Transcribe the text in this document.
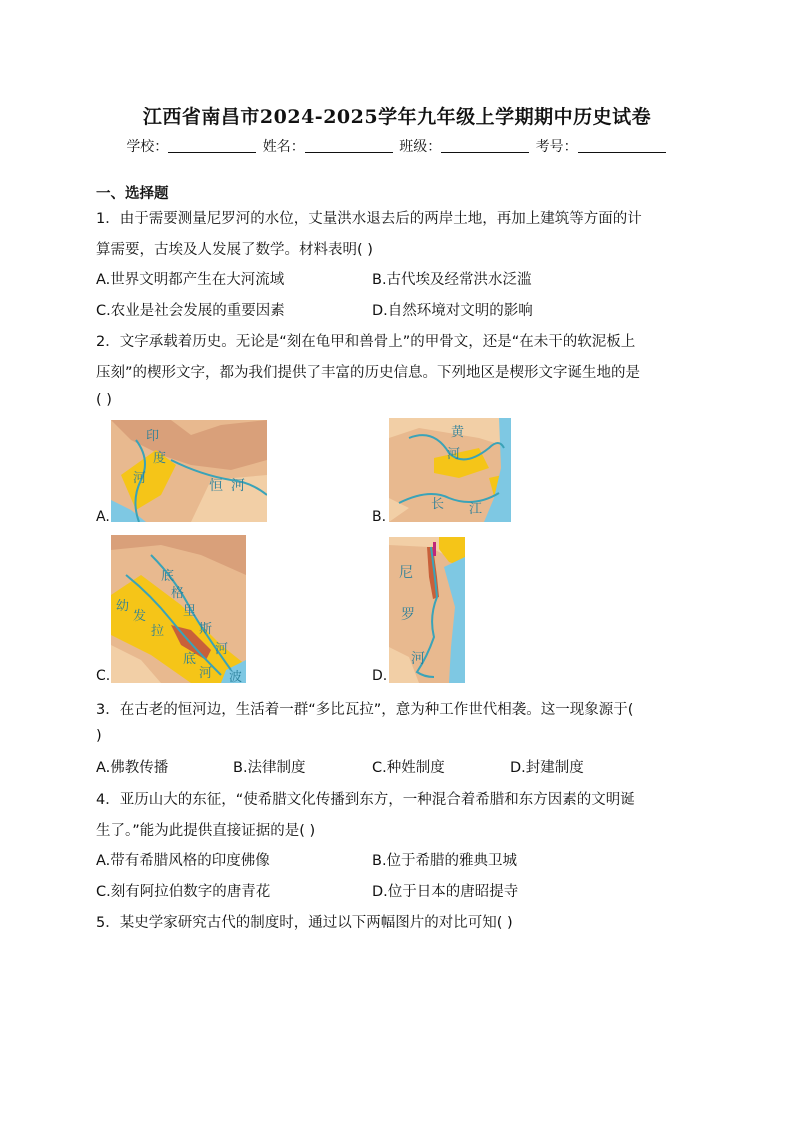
江西省南昌市2024-2025学年九年级上学期期中历史试卷
学校：	姓名：	班级：	考号：
一、选择题
1．由于需要测量尼罗河的水位，丈量洪水退去后的两岸土地，再加上建筑等方面的计
算需要，古埃及人发展了数学。材料表明( )
A.世界文明都产生在大河流域	B.古代埃及经常洪水泛滥
C.农业是社会发展的重要因素	D.自然环境对文明的影响
2．文字承载着历史。无论是“刻在龟甲和兽骨上”的甲骨文，还是“在未干的软泥板上
压刻”的楔形文字，都为我们提供了丰富的历史信息。下列地区是楔形文字诞生地的是
( )
A.
印
度
河	恒 河
B.
黄
河
长 江
C.
底
格
里
斯
河
幼
发
拉
底
河 波	D.
尼
罗
河
3．在古老的恒河边，生活着一群“多比瓦拉”，意为种工作世代相袭。这一现象源于(
)
A.佛教传播	B.法律制度	C.种姓制度	D.封建制度
4．亚历山大的东征，“使希腊文化传播到东方，一种混合着希腊和东方因素的文明诞
生了。”能为此提供直接证据的是( )
A.带有希腊风格的印度佛像	B.位于希腊的雅典卫城
C.刻有阿拉伯数字的唐青花	D.位于日本的唐昭提寺
5．某史学家研究古代的制度时，通过以下两幅图片的对比可知( )
